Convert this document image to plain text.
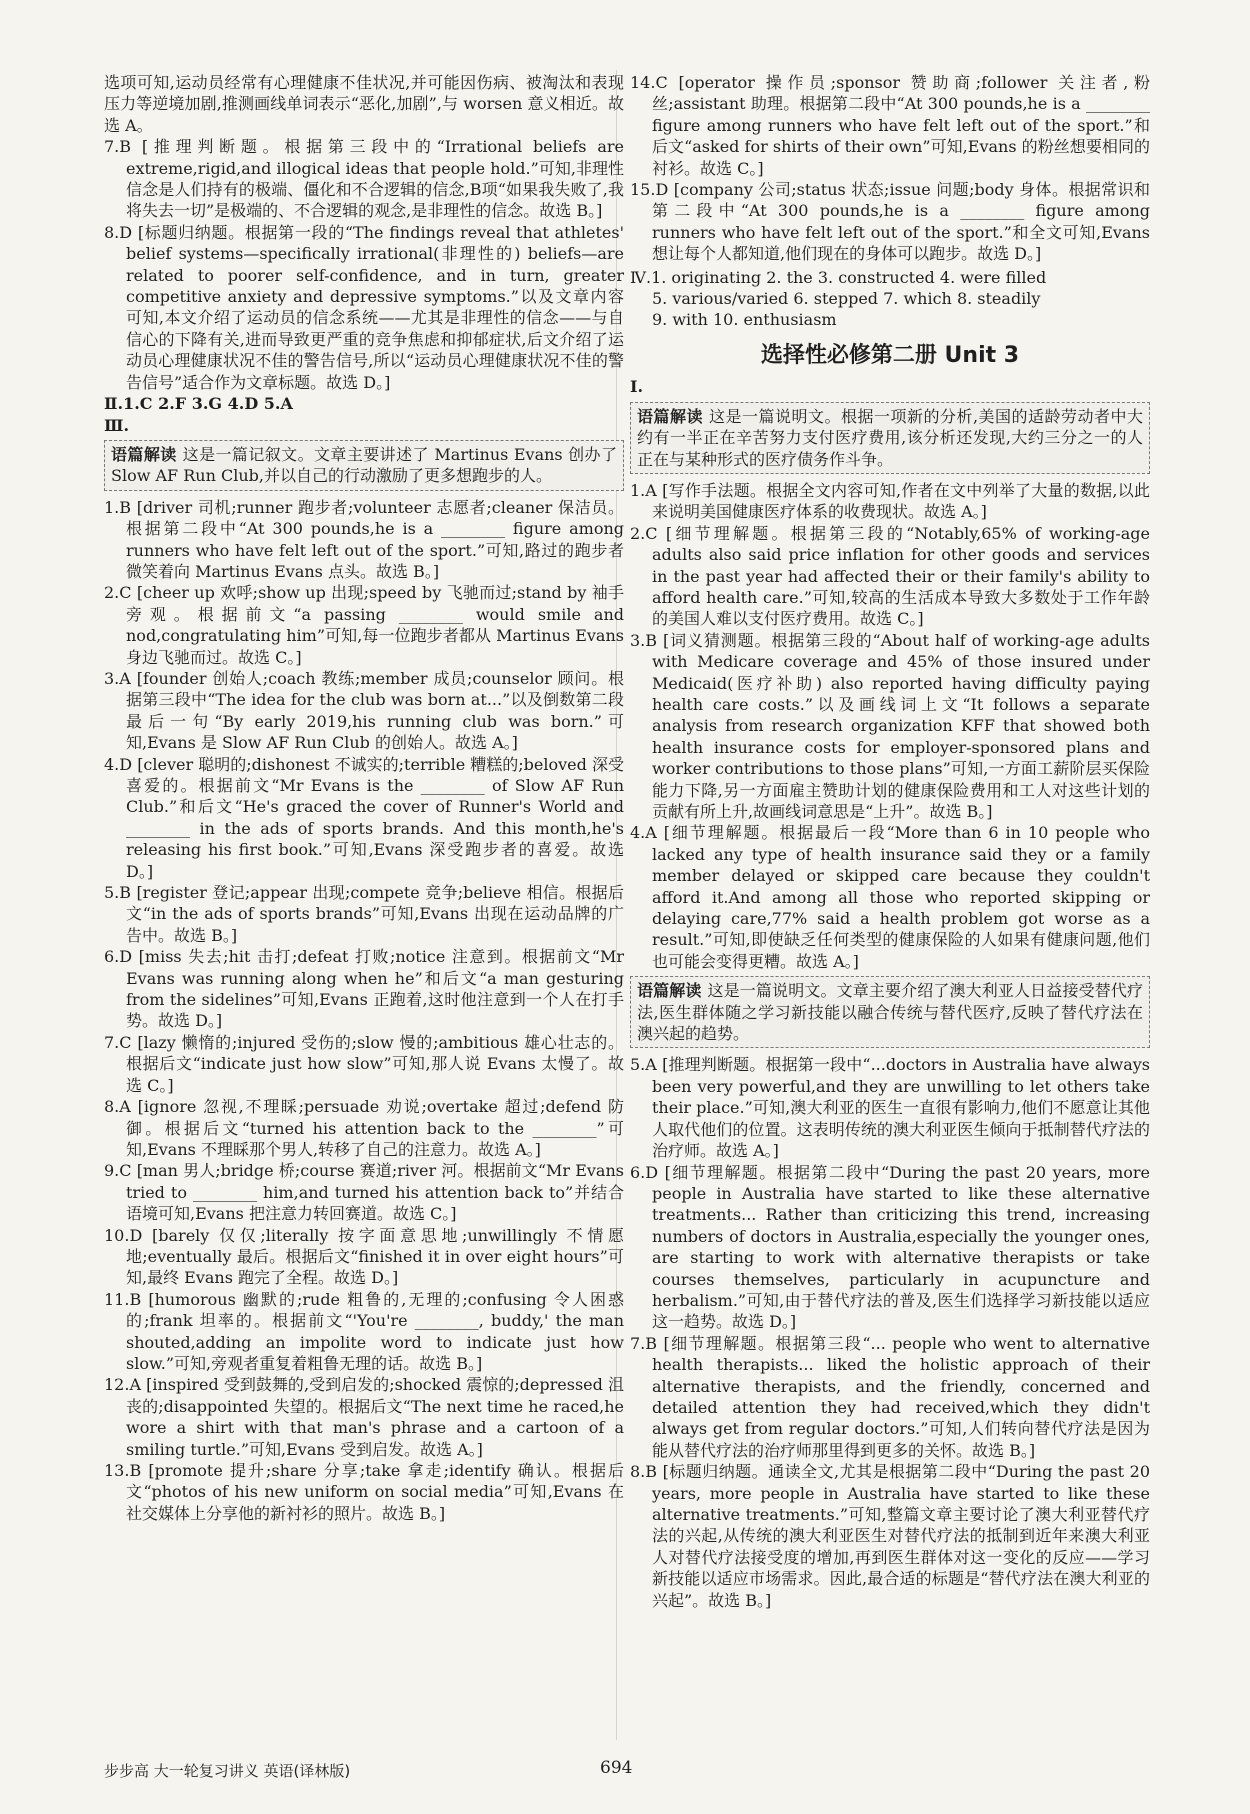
选项可知,运动员经常有心理健康不佳状况,并可能因伤病、被淘汰和表现压力等逆境加剧,推测画线单词表示“恶化,加剧”,与 worsen 意义相近。故选 A。

7.B [推理判断题。根据第三段中的“Irrational beliefs are extreme,rigid,and illogical ideas that people hold.”可知,非理性信念是人们持有的极端、僵化和不合逻辑的信念,B项“如果我失败了,我将失去一切”是极端的、不合逻辑的观念,是非理性的信念。故选 B。]

8.D [标题归纳题。根据第一段的“The findings reveal that athletes' belief systems—specifically irrational(非理性的) beliefs—are related to poorer self-confidence, and in turn, greater competitive anxiety and depressive symptoms.”以及文章内容可知,本文介绍了运动员的信念系统——尤其是非理性的信念——与自信心的下降有关,进而导致更严重的竞争焦虑和抑郁症状,后文介绍了运动员心理健康状况不佳的警告信号,所以“运动员心理健康状况不佳的警告信号”适合作为文章标题。故选 D。]

Ⅱ.1.C 2.F 3.G 4.D 5.A

Ⅲ.

语篇解读 这是一篇记叙文。文章主要讲述了 Martinus Evans 创办了 Slow AF Run Club,并以自己的行动激励了更多想跑步的人。

1.B [driver 司机;runner 跑步者;volunteer 志愿者;cleaner 保洁员。根据第二段中“At 300 pounds,he is a ________ figure among runners who have felt left out of the sport.”可知,路过的跑步者微笑着向 Martinus Evans 点头。故选 B。]

2.C [cheer up 欢呼;show up 出现;speed by 飞驰而过;stand by 袖手旁观。根据前文“a passing ________ would smile and nod,congratulating him”可知,每一位跑步者都从 Martinus Evans 身边飞驰而过。故选 C。]

3.A [founder 创始人;coach 教练;member 成员;counselor 顾问。根据第三段中“The idea for the club was born at...”以及倒数第二段最后一句“By early 2019,his running club was born.”可知,Evans 是 Slow AF Run Club 的创始人。故选 A。]

4.D [clever 聪明的;dishonest 不诚实的;terrible 糟糕的;beloved 深受喜爱的。根据前文“Mr Evans is the ________ of Slow AF Run Club.”和后文“He's graced the cover of Runner's World and ________ in the ads of sports brands. And this month,he's releasing his first book.”可知,Evans 深受跑步者的喜爱。故选 D。]

5.B [register 登记;appear 出现;compete 竞争;believe 相信。根据后文“in the ads of sports brands”可知,Evans 出现在运动品牌的广告中。故选 B。]

6.D [miss 失去;hit 击打;defeat 打败;notice 注意到。根据前文“Mr Evans was running along when he”和后文“a man gesturing from the sidelines”可知,Evans 正跑着,这时他注意到一个人在打手势。故选 D。]

7.C [lazy 懒惰的;injured 受伤的;slow 慢的;ambitious 雄心壮志的。根据后文“indicate just how slow”可知,那人说 Evans 太慢了。故选 C。]

8.A [ignore 忽视,不理睬;persuade 劝说;overtake 超过;defend 防御。根据后文“turned his attention back to the ________”可知,Evans 不理睬那个男人,转移了自己的注意力。故选 A。]

9.C [man 男人;bridge 桥;course 赛道;river 河。根据前文“Mr Evans tried to ________ him,and turned his attention back to”并结合语境可知,Evans 把注意力转回赛道。故选 C。]

10.D [barely 仅仅;literally 按字面意思地;unwillingly 不情愿地;eventually 最后。根据后文“finished it in over eight hours”可知,最终 Evans 跑完了全程。故选 D。]

11.B [humorous 幽默的;rude 粗鲁的,无理的;confusing 令人困惑的;frank 坦率的。根据前文“'You're ________, buddy,' the man shouted,adding an impolite word to indicate just how slow.”可知,旁观者重复着粗鲁无理的话。故选 B。]

12.A [inspired 受到鼓舞的,受到启发的;shocked 震惊的;depressed 沮丧的;disappointed 失望的。根据后文“The next time he raced,he wore a shirt with that man's phrase and a cartoon of a smiling turtle.”可知,Evans 受到启发。故选 A。]

13.B [promote 提升;share 分享;take 拿走;identify 确认。根据后文“photos of his new uniform on social media”可知,Evans 在社交媒体上分享他的新衬衫的照片。故选 B。]

14.C [operator 操作员;sponsor 赞助商;follower 关注者,粉丝;assistant 助理。根据第二段中“At 300 pounds,he is a ________ figure among runners who have felt left out of the sport.”和后文“asked for shirts of their own”可知,Evans 的粉丝想要相同的衬衫。故选 C。]

15.D [company 公司;status 状态;issue 问题;body 身体。根据常识和第二段中“At 300 pounds,he is a ________ figure among runners who have felt left out of the sport.”和全文可知,Evans 想让每个人都知道,他们现在的身体可以跑步。故选 D。]

Ⅳ.1. originating 2. the 3. constructed 4. were filled
5. various/varied 6. stepped 7. which 8. steadily
9. with 10. enthusiasm
选择性必修第二册 Unit 3

Ⅰ.

语篇解读 这是一篇说明文。根据一项新的分析,美国的适龄劳动者中大约有一半正在辛苦努力支付医疗费用,该分析还发现,大约三分之一的人正在与某种形式的医疗债务作斗争。

1.A [写作手法题。根据全文内容可知,作者在文中列举了大量的数据,以此来说明美国健康医疗体系的收费现状。故选 A。]

2.C [细节理解题。根据第三段的“Notably,65% of working-age adults also said price inflation for other goods and services in the past year had affected their or their family's ability to afford health care.”可知,较高的生活成本导致大多数处于工作年龄的美国人难以支付医疗费用。故选 C。]

3.B [词义猜测题。根据第三段的“About half of working-age adults with Medicare coverage and 45% of those insured under Medicaid(医疗补助) also reported having difficulty paying health care costs.”以及画线词上文“It follows a separate analysis from research organization KFF that showed both health insurance costs for employer-sponsored plans and worker contributions to those plans”可知,一方面工薪阶层买保险能力下降,另一方面雇主赞助计划的健康保险费用和工人对这些计划的贡献有所上升,故画线词意思是“上升”。故选 B。]

4.A [细节理解题。根据最后一段“More than 6 in 10 people who lacked any type of health insurance said they or a family member delayed or skipped care because they couldn't afford it.And among all those who reported skipping or delaying care,77% said a health problem got worse as a result.”可知,即使缺乏任何类型的健康保险的人如果有健康问题,他们也可能会变得更糟。故选 A。]

语篇解读 这是一篇说明文。文章主要介绍了澳大利亚人日益接受替代疗法,医生群体随之学习新技能以融合传统与替代医疗,反映了替代疗法在澳兴起的趋势。

5.A [推理判断题。根据第一段中“...doctors in Australia have always been very powerful,and they are unwilling to let others take their place.”可知,澳大利亚的医生一直很有影响力,他们不愿意让其他人取代他们的位置。这表明传统的澳大利亚医生倾向于抵制替代疗法的治疗师。故选 A。]

6.D [细节理解题。根据第二段中“During the past 20 years, more people in Australia have started to like these alternative treatments... Rather than criticizing this trend, increasing numbers of doctors in Australia,especially the younger ones, are starting to work with alternative therapists or take courses themselves, particularly in acupuncture and herbalism.”可知,由于替代疗法的普及,医生们选择学习新技能以适应这一趋势。故选 D。]

7.B [细节理解题。根据第三段“... people who went to alternative health therapists... liked the holistic approach of their alternative therapists, and the friendly, concerned and detailed attention they had received,which they didn't always get from regular doctors.”可知,人们转向替代疗法是因为能从替代疗法的治疗师那里得到更多的关怀。故选 B。]

8.B [标题归纳题。通读全文,尤其是根据第二段中“During the past 20 years, more people in Australia have started to like these alternative treatments.”可知,整篇文章主要讨论了澳大利亚替代疗法的兴起,从传统的澳大利亚医生对替代疗法的抵制到近年来澳大利亚人对替代疗法接受度的增加,再到医生群体对这一变化的反应——学习新技能以适应市场需求。因此,最合适的标题是“替代疗法在澳大利亚的兴起”。故选 B。]

步步高 大一轮复习讲义 英语(译林版)	694
